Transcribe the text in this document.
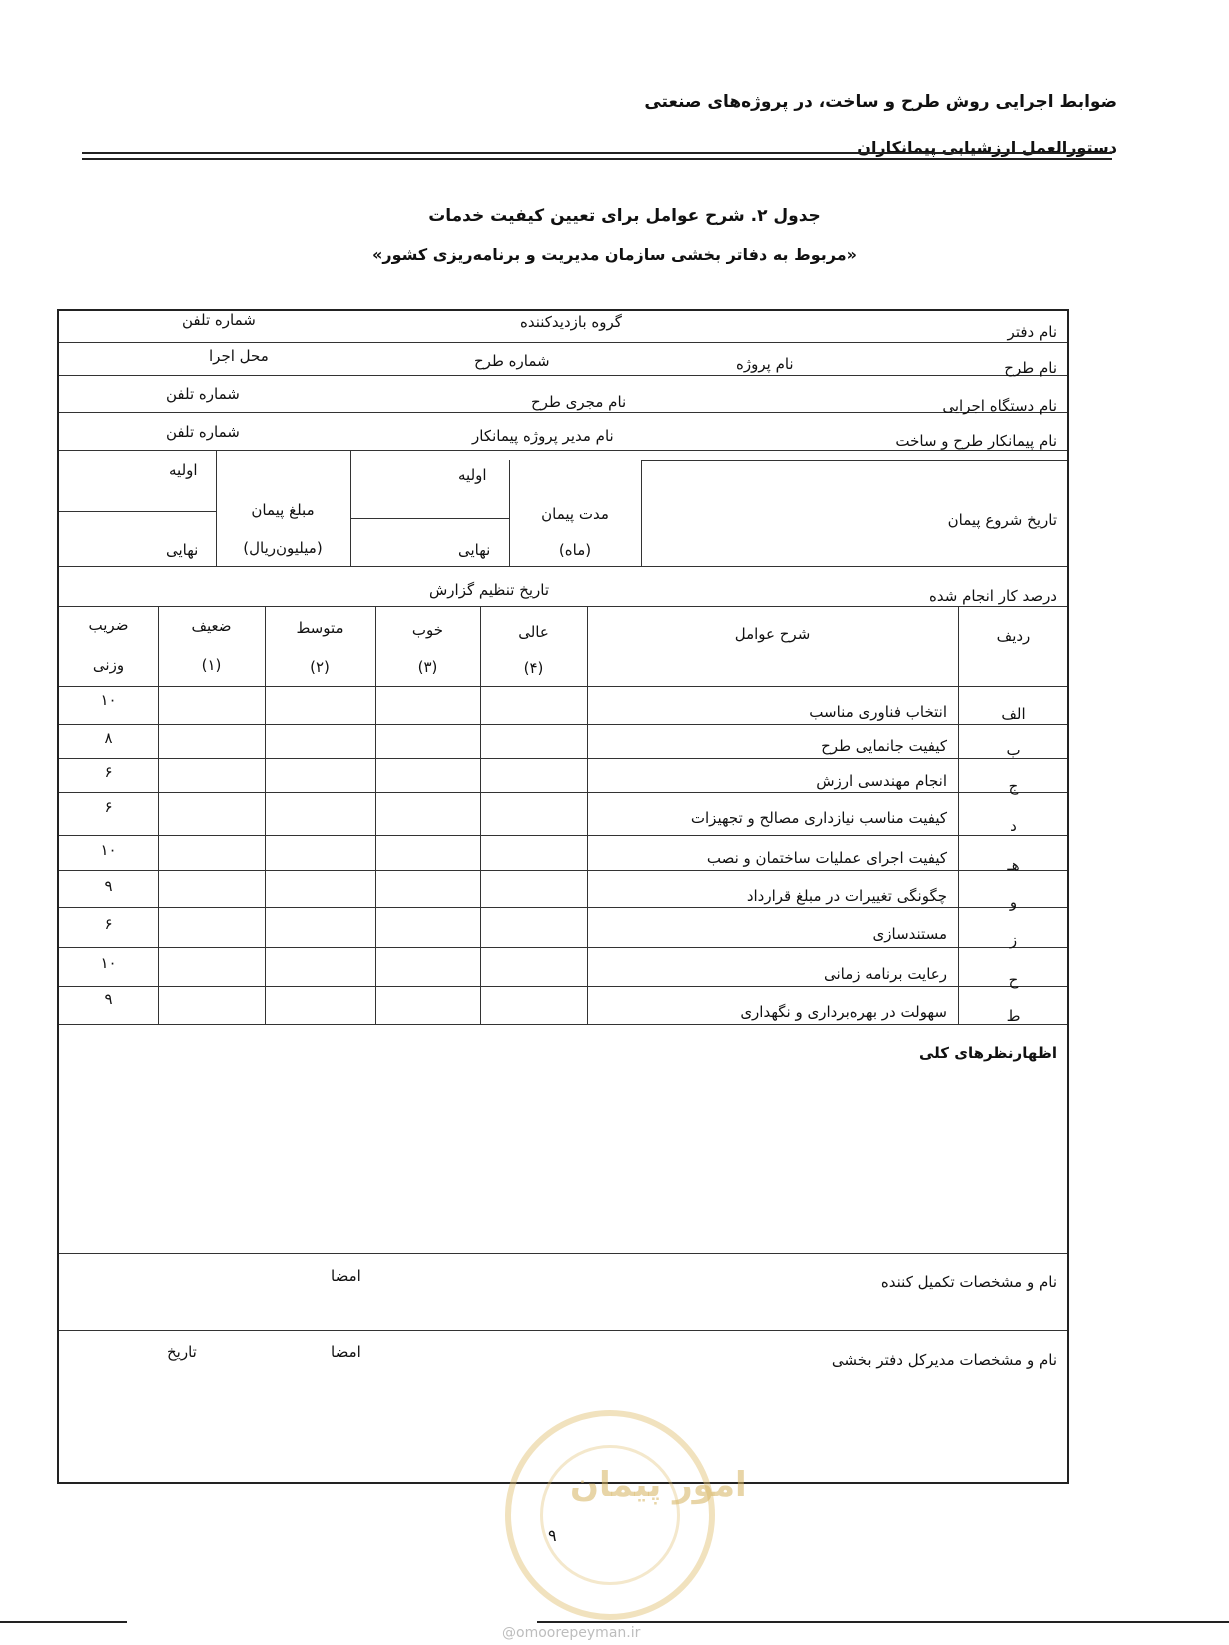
ضوابط اجرایی روش طرح و ساخت، در پروژه‌های صنعتی
دستورالعمل ارزشیابی پیمانکاران
جدول ۲. شرح عوامل برای تعیین کیفیت خدمات
«مربوط به دفاتر بخشی سازمان مدیریت و برنامه‌ریزی کشور»
نام دفتر
گروه بازدیدکننده
شماره تلفن
نام طرح
نام پروژه
شماره طرح
محل اجرا
نام دستگاه اجرایی
نام مجری طرح
شماره تلفن
نام پیمانکار طرح و ساخت
نام مدیر پروژه پیمانکار
شماره تلفن
تاریخ شروع پیمان
مدت پیمان
(ماه)
اولیه
نهایی
مبلغ پیمان
(میلیون‌ریال)
اولیه
نهایی
درصد کار انجام شده
تاریخ تنظیم گزارش
ردیف
شرح عوامل
عالی
(۴)
خوب
(۳)
متوسط
(۲)
ضعیف
(۱)
ضریب
وزنی
الف
انتخاب فناوری مناسب
۱۰
ب
کیفیت جانمایی طرح
۸
ج
انجام مهندسی ارزش
۶
د
کیفیت مناسب نیازداری مصالح و تجهیزات
۶
هـ
کیفیت اجرای عملیات ساختمان و نصب
۱۰
و
چگونگی تغییرات در مبلغ قرارداد
۹
ز
مستندسازی
۶
ح
رعایت برنامه زمانی
۱۰
ط
سهولت در بهره‌برداری و نگهداری
۹
اظهارنظرهای کلی
نام و مشخصات تکمیل کننده
امضا
نام و مشخصات مدیرکل دفتر بخشی
امضا
تاریخ
امور پیمان
۹
@omoorepeyman.ir
